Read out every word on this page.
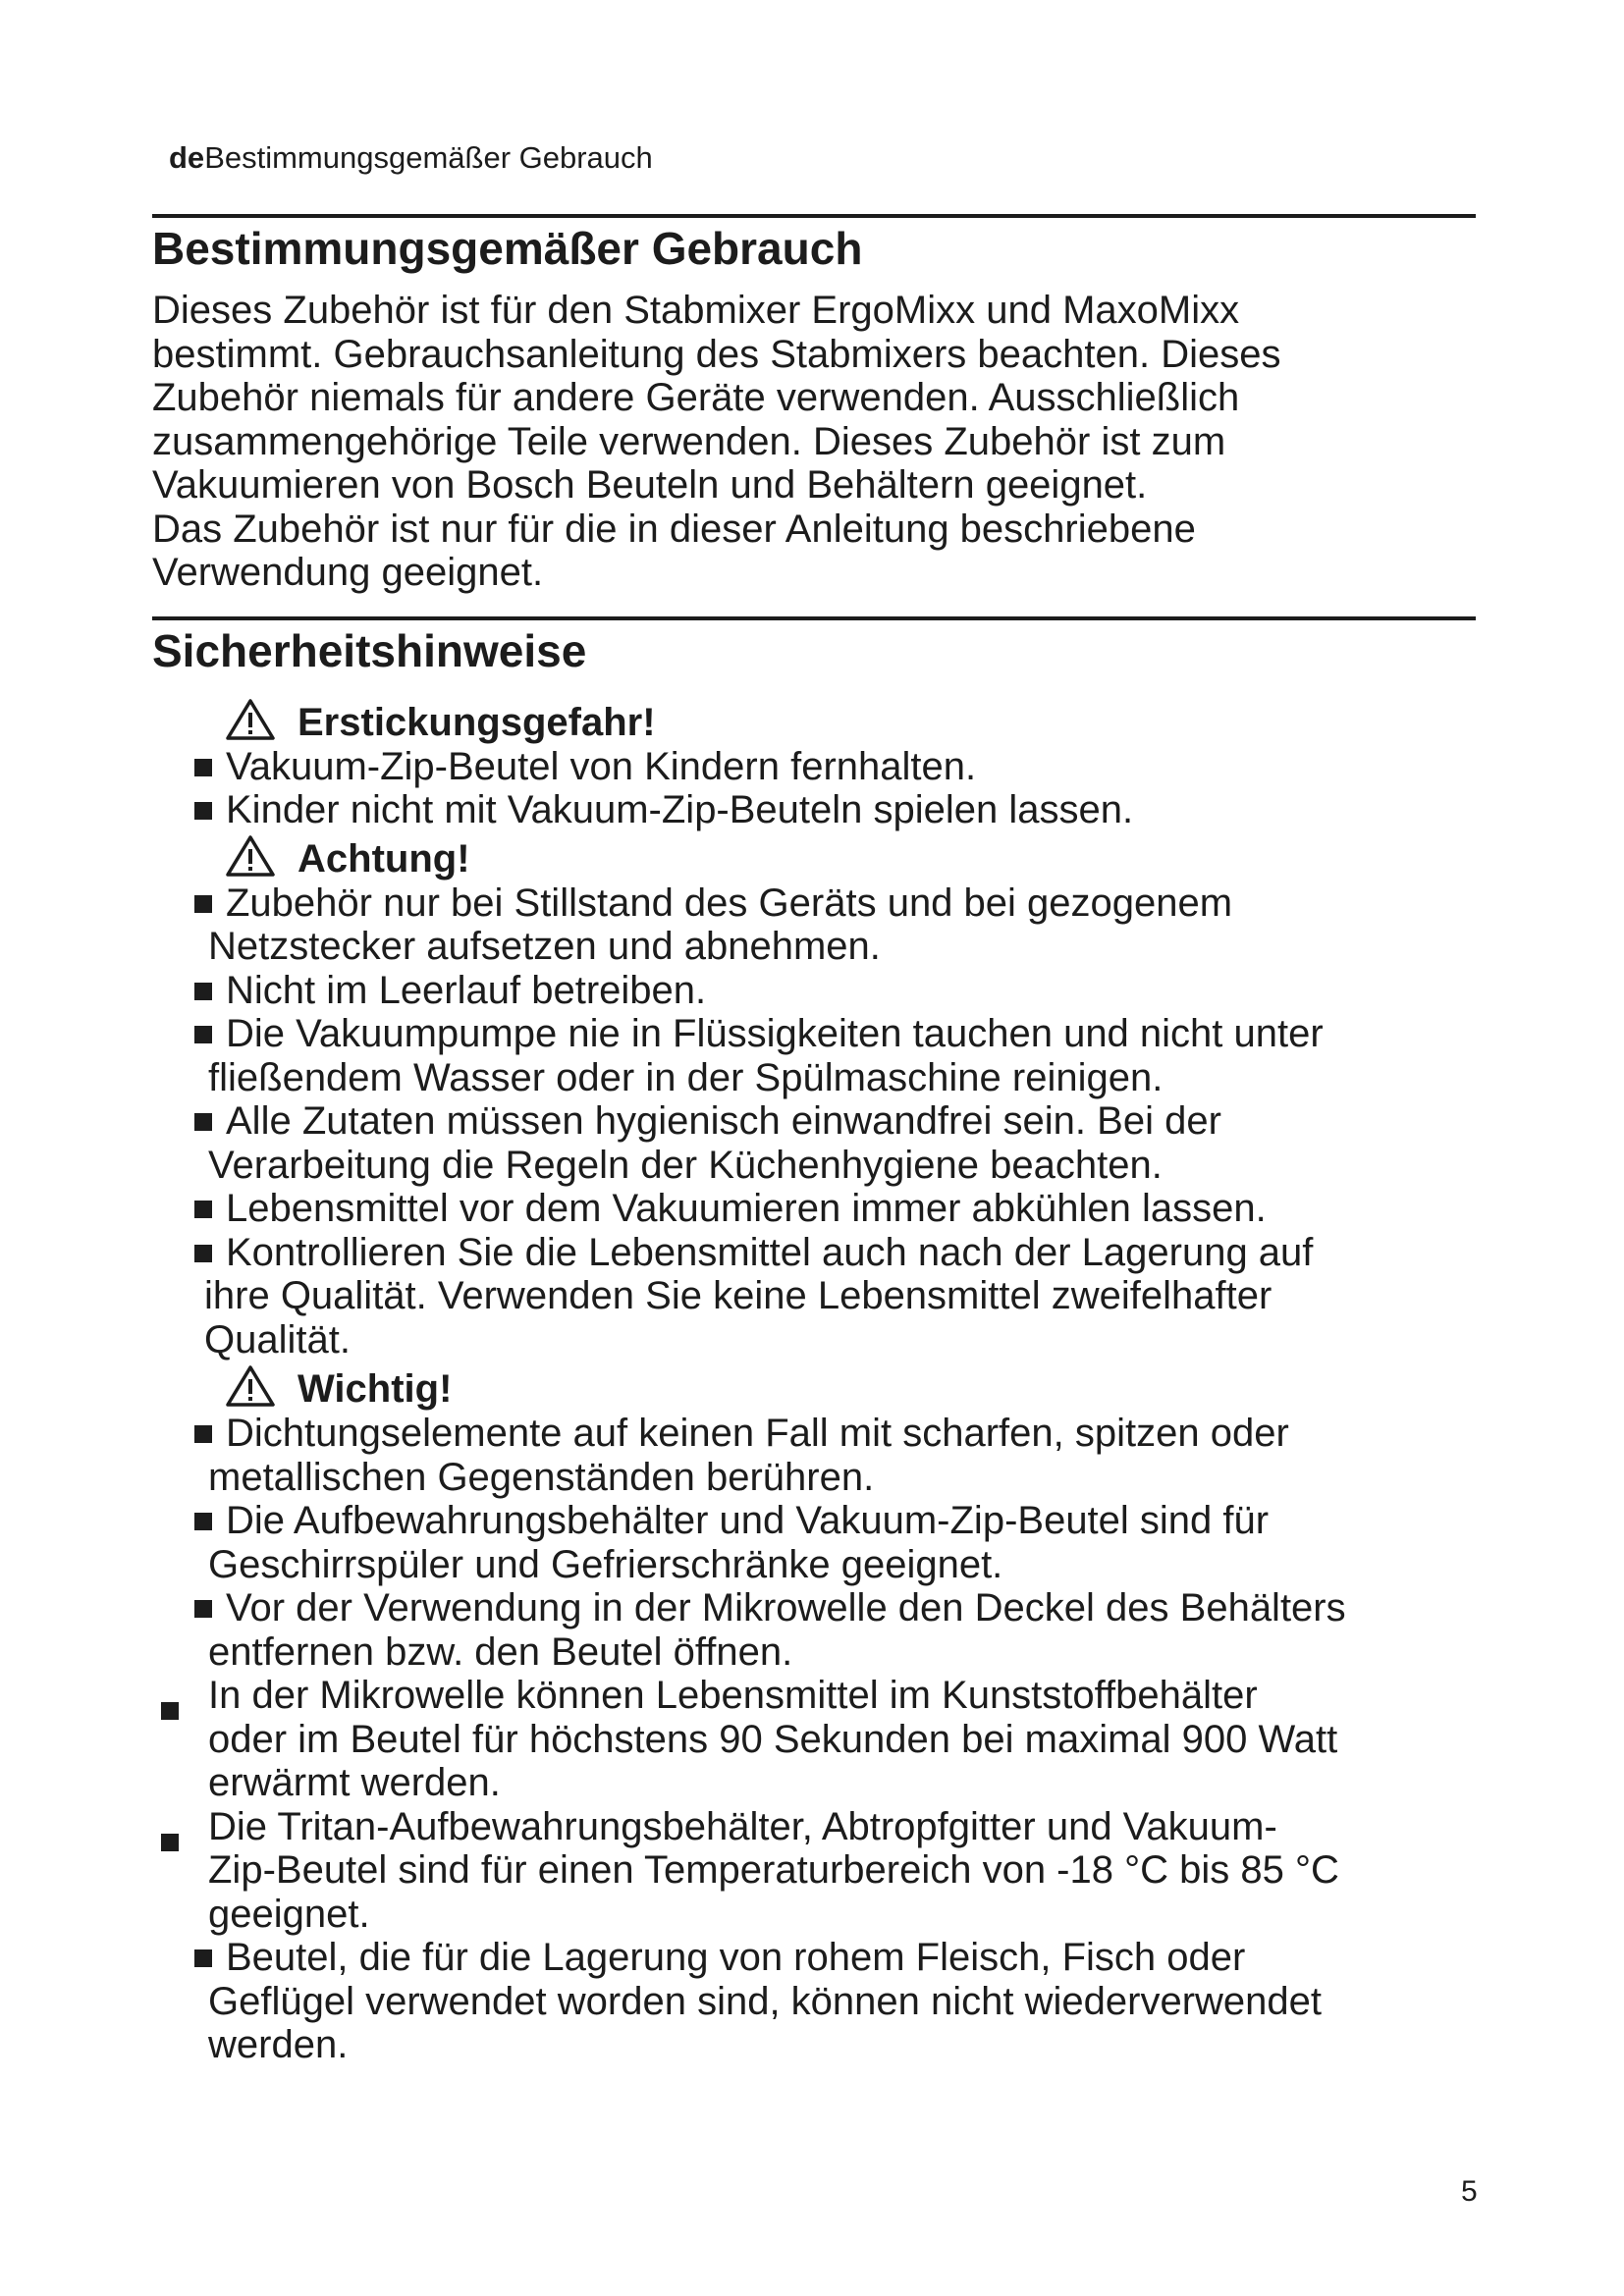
deBestimmungsgemäßer Gebrauch
Bestimmungsgemäßer Gebrauch
Dieses Zubehör ist für den Stabmixer ErgoMixx und MaxoMixx
bestimmt. Gebrauchsanleitung des Stabmixers beachten. Dieses
Zubehör niemals für andere Geräte verwenden. Ausschließlich
zusammengehörige Teile verwenden. Dieses Zubehör ist zum
Vakuumieren von Bosch Beuteln und Behältern geeignet.
Das Zubehör ist nur für die in dieser Anleitung beschriebene
Verwendung geeignet.
Sicherheitshinweise
Erstickungsgefahr!
Vakuum-Zip-Beutel von Kindern fernhalten.
Kinder nicht mit Vakuum-Zip-Beuteln spielen lassen.
Achtung!
Zubehör nur bei Stillstand des Geräts und bei gezogenem
Netzstecker aufsetzen und abnehmen.
Nicht im Leerlauf betreiben.
Die Vakuumpumpe nie in Flüssigkeiten tauchen und nicht unter
fließendem Wasser oder in der Spülmaschine reinigen.
Alle Zutaten müssen hygienisch einwandfrei sein. Bei der
Verarbeitung die Regeln der Küchenhygiene beachten.
Lebensmittel vor dem Vakuumieren immer abkühlen lassen.
Kontrollieren Sie die Lebensmittel auch nach der Lagerung auf
ihre Qualität. Verwenden Sie keine Lebensmittel zweifelhafter
Qualität.
Wichtig!
Dichtungselemente auf keinen Fall mit scharfen, spitzen oder
metallischen Gegenständen berühren.
Die Aufbewahrungsbehälter und Vakuum-Zip-Beutel sind für
Geschirrspüler und Gefrierschränke geeignet.
Vor der Verwendung in der Mikrowelle den Deckel des Behälters
entfernen bzw. den Beutel öffnen.
In der Mikrowelle können Lebensmittel im Kunststoffbehälter
oder im Beutel für höchstens 90 Sekunden bei maximal 900 Watt
erwärmt werden.
Die Tritan-Aufbewahrungsbehälter, Abtropfgitter und Vakuum-
Zip-Beutel sind für einen Temperaturbereich von -18 °C bis 85 °C
geeignet.
Beutel, die für die Lagerung von rohem Fleisch, Fisch oder
Geflügel verwendet worden sind, können nicht wiederverwendet
werden.
5
